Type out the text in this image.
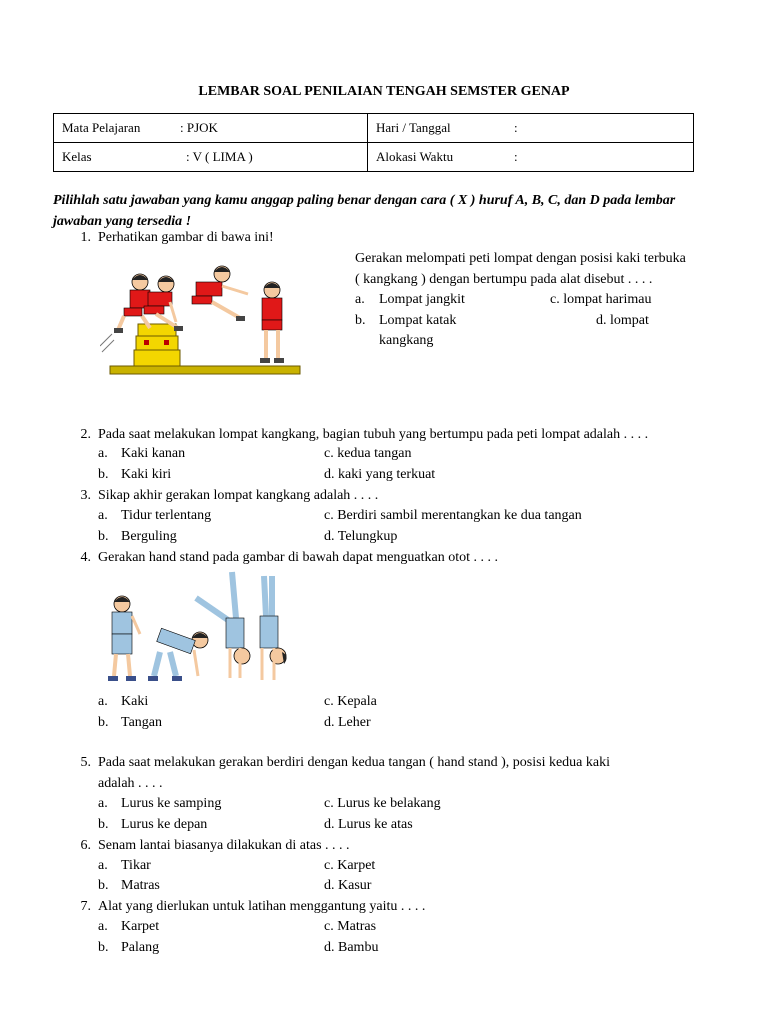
LEMBAR SOAL PENILAIAN TENGAH SEMSTER GENAP
Mata Pelajaran : PJOK	Hari / Tanggal :
Kelas : V ( LIMA )	Alokasi Waktu :
Pilihlah satu jawaban yang kamu anggap paling benar dengan cara ( X ) huruf A, B, C, dan D pada lembar jawaban yang tersedia !
1. Perhatikan gambar di bawa ini!
Gerakan melompati peti lompat dengan posisi kaki terbuka
( kangkang ) dengan bertumpu pada alat disebut . . . .
a. Lompat jangkit	c. lompat harimau
b. Lompat katak	d. lompat
kangkang
2. Pada saat melakukan lompat kangkang, bagian tubuh yang bertumpu pada peti lompat adalah . . . .
a. Kaki kanan	c. kedua tangan
b. Kaki kiri	d. kaki yang terkuat
3. Sikap akhir gerakan lompat kangkang adalah . . . .
a. Tidur terlentang	c. Berdiri sambil merentangkan ke dua tangan
b. Berguling	d. Telungkup
4. Gerakan hand stand pada gambar di bawah dapat menguatkan otot . . . .
a. Kaki	c. Kepala
b. Tangan	d. Leher
5. Pada saat melakukan gerakan berdiri dengan kedua tangan ( hand stand ), posisi kedua kaki
adalah . . . .
a. Lurus ke samping	c. Lurus ke belakang
b. Lurus ke depan	d. Lurus ke atas
6. Senam lantai biasanya dilakukan di atas . . . .
a. Tikar	c. Karpet
b. Matras	d. Kasur
7. Alat yang dierlukan untuk latihan menggantung yaitu . . . .
a. Karpet	c. Matras
b. Palang	d. Bambu
